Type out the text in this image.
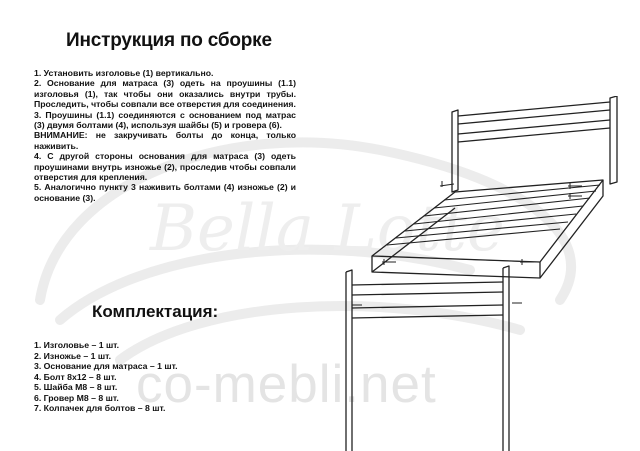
Bella Lotte
Инструкция по сборке
1. Установить изголовье (1) вертикально.
2. Основание для матраса (3) одеть на проушины (1.1) изголовья (1), так чтобы они оказались внутри трубы. Проследить, чтобы совпали все отверстия для соединения.
3. Проушины (1.1) соединяются с основанием под матрас (3) двумя болтами (4), используя шайбы (5) и гровера (6).
ВНИМАНИЕ: не закручивать болты до конца, только наживить.
4. С другой стороны основания для матраса (3) одеть проушинами внутрь изножье (2), проследив чтобы совпали отверстия для крепления.
5. Аналогично пункту 3 наживить болтами (4) изножье (2) и основание (3).
Комплектация:
1. Изголовье – 1 шт.
2. Изножье – 1 шт.
3. Основание для матраса – 1 шт.
4. Болт 8х12 – 8 шт.
5. Шайба М8 – 8 шт.
6. Гровер М8 – 8 шт.
7. Колпачек для болтов – 8 шт.
co-mebli.net
